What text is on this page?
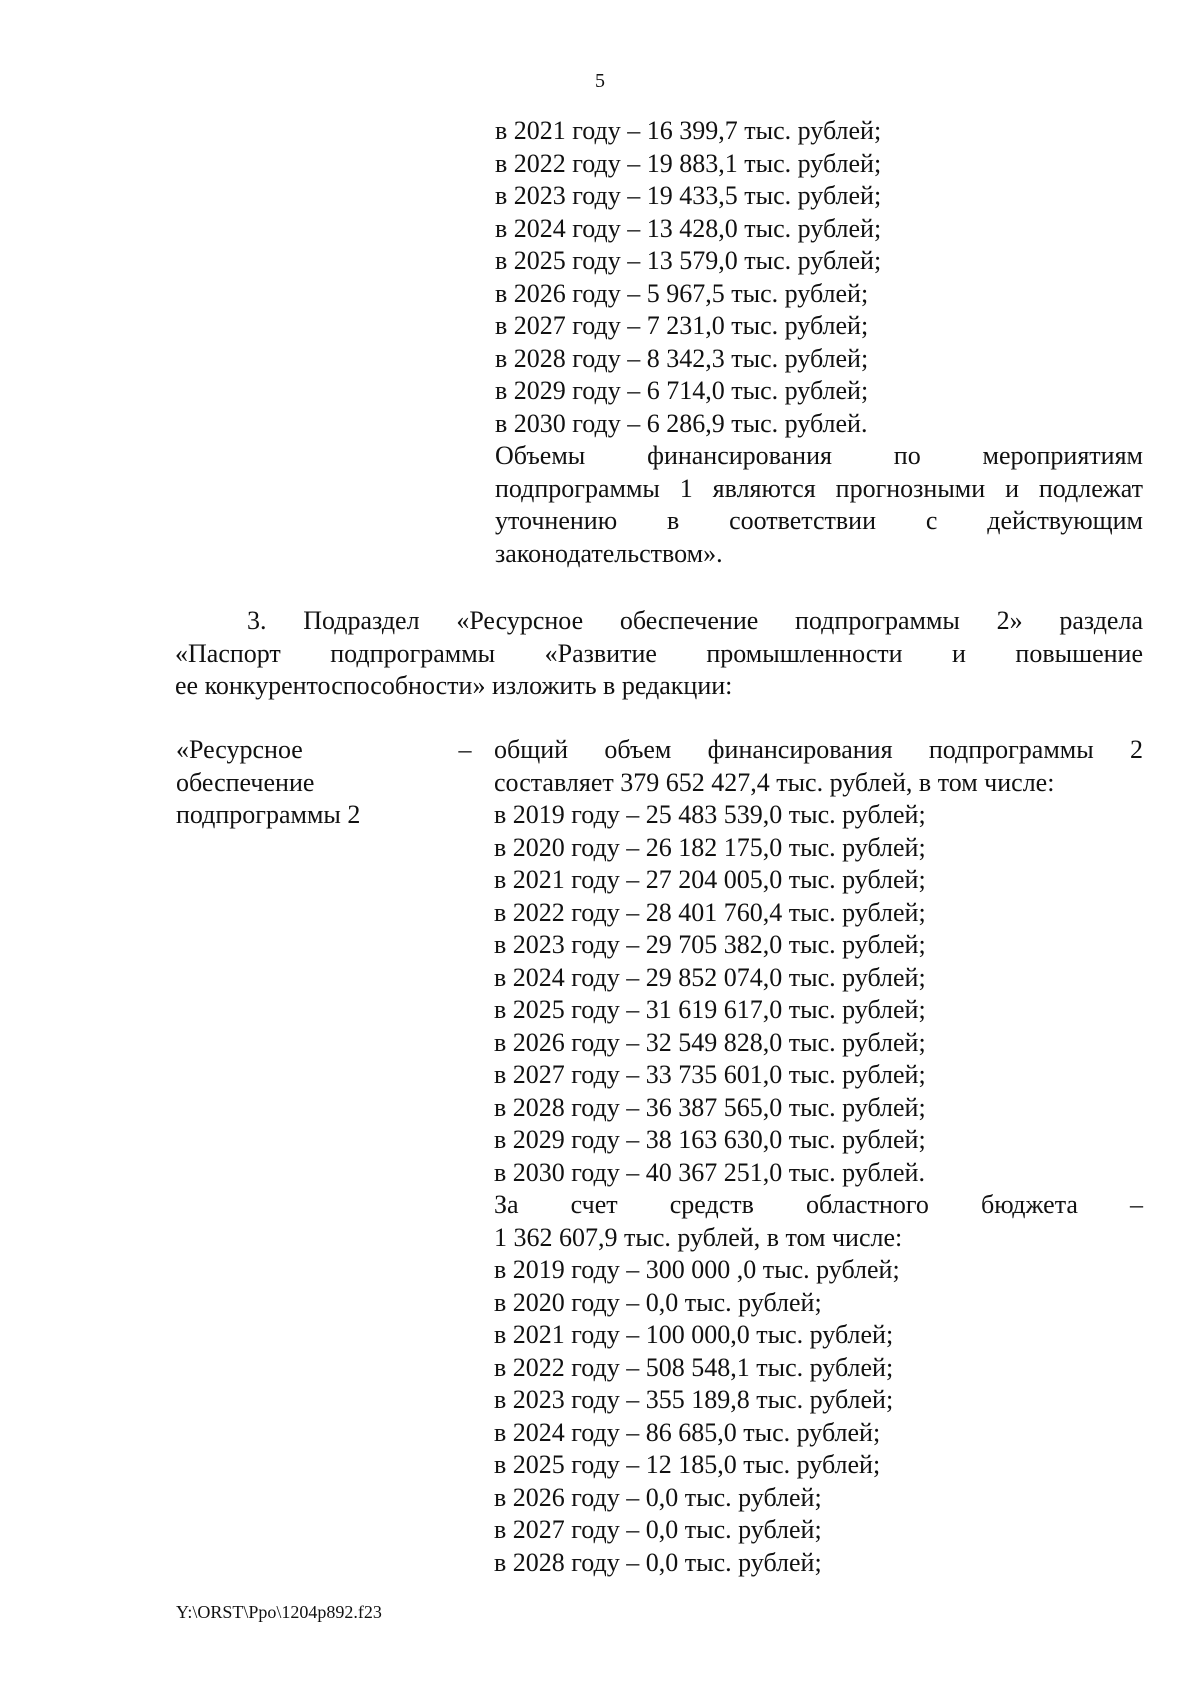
5
в 2021 году – 16 399,7 тыс. рублей;
в 2022 году – 19 883,1 тыс. рублей;
в 2023 году – 19 433,5 тыс. рублей;
в 2024 году – 13 428,0 тыс. рублей;
в 2025 году – 13 579,0 тыс. рублей;
в 2026 году – 5 967,5 тыс. рублей;
в 2027 году – 7 231,0 тыс. рублей;
в 2028 году – 8 342,3 тыс. рублей;
в 2029 году – 6 714,0 тыс. рублей;
в 2030 году – 6 286,9 тыс. рублей.
Объемы финансирования по мероприятиям
подпрограммы 1 являются прогнозными и подлежат
уточнению в соответствии с действующим
законодательством».
3. Подраздел «Ресурсное обеспечение подпрограммы 2» раздела
«Паспорт подпрограммы «Развитие промышленности и повышение
ее конкурентоспособности» изложить в редакции:
«Ресурсное
обеспечение
подпрограммы 2
– общий объем финансирования подпрограммы 2
составляет 379 652 427,4 тыс. рублей, в том числе:
в 2019 году – 25 483 539,0 тыс. рублей;
в 2020 году – 26 182 175,0 тыс. рублей;
в 2021 году – 27 204 005,0 тыс. рублей;
в 2022 году – 28 401 760,4 тыс. рублей;
в 2023 году – 29 705 382,0 тыс. рублей;
в 2024 году – 29 852 074,0 тыс. рублей;
в 2025 году – 31 619 617,0 тыс. рублей;
в 2026 году – 32 549 828,0 тыс. рублей;
в 2027 году – 33 735 601,0 тыс. рублей;
в 2028 году – 36 387 565,0 тыс. рублей;
в 2029 году – 38 163 630,0 тыс. рублей;
в 2030 году – 40 367 251,0 тыс. рублей.
За счет средств областного бюджета –
1 362 607,9 тыс. рублей, в том числе:
в 2019 году – 300 000 ,0 тыс. рублей;
в 2020 году – 0,0 тыс. рублей;
в 2021 году – 100 000,0 тыс. рублей;
в 2022 году – 508 548,1 тыс. рублей;
в 2023 году – 355 189,8 тыс. рублей;
в 2024 году – 86 685,0 тыс. рублей;
в 2025 году – 12 185,0 тыс. рублей;
в 2026 году – 0,0 тыс. рублей;
в 2027 году – 0,0 тыс. рублей;
в 2028 году – 0,0 тыс. рублей;
Y:\ORST\Ppo\1204p892.f23
